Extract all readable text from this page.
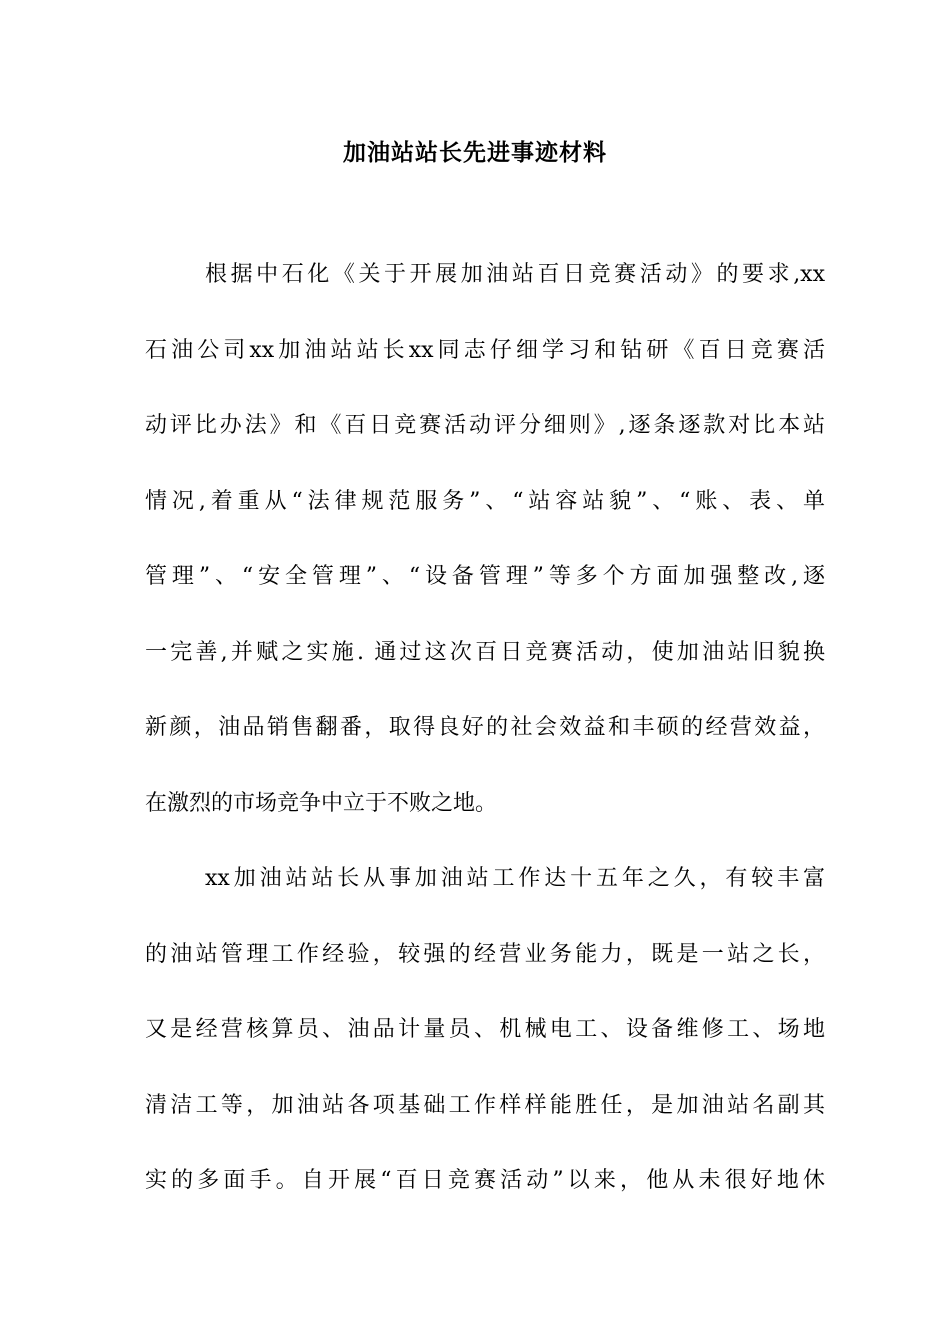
加油站站长先进事迹材料
根据中石化《关于开展加油站百日竞赛活动》的要求,xx
石油公司xx加油站站长xx同志仔细学习和钻研《百日竞赛活
动评比办法》和《百日竞赛活动评分细则》,逐条逐款对比本站
情况,着重从“法律规范服务”、“站容站貌”、“账、表、单
管理”、“安全管理”、“设备管理”等多个方面加强整改,逐
一完善,并赋之实施. 通过这次百日竞赛活动，使加油站旧貌换
新颜，油品销售翻番，取得良好的社会效益和丰硕的经营效益，
在激烈的市场竞争中立于不败之地。
xx加油站站长从事加油站工作达十五年之久，有较丰富
的油站管理工作经验，较强的经营业务能力，既是一站之长，
又是经营核算员、油品计量员、机械电工、设备维修工、场地
清洁工等，加油站各项基础工作样样能胜任，是加油站名副其
实的多面手。自开展“百日竞赛活动”以来，他从未很好地休
